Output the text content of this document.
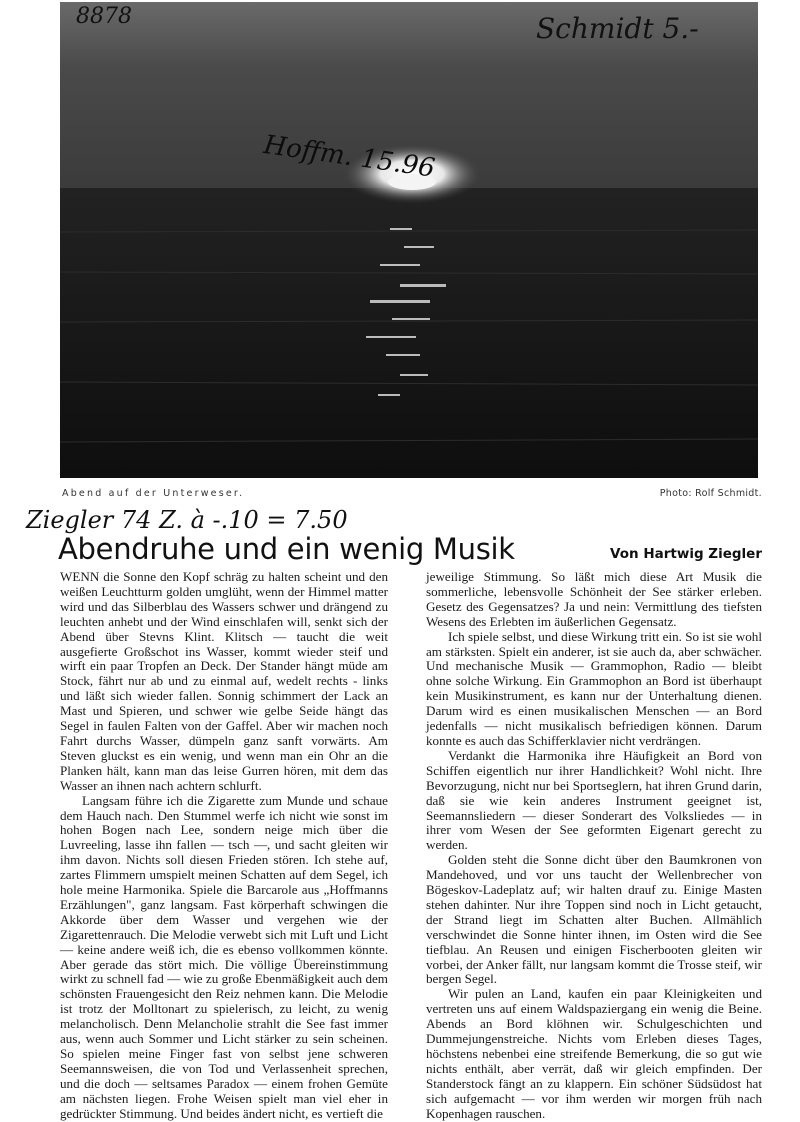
8878	Schmidt 5.-
Hoffm. 15.96
Ziegler 74 Z. à -.10 = 7.50
Abend auf der Unterweser.	Photo: Rolf Schmidt.
Abendruhe und ein wenig Musik	Von Hartwig Ziegler

WENN die Sonne den Kopf schräg zu halten scheint und den weißen Leuchtturm golden umglüht, wenn der Himmel matter wird und das Silberblau des Wassers schwer und drängend zu leuchten anhebt und der Wind einschlafen will, senkt sich der Abend über Stevns Klint. Klitsch — taucht die weit ausgefierte Großschot ins Wasser, kommt wieder steif und wirft ein paar Tropfen an Deck. Der Stander hängt müde am Stock, fährt nur ab und zu einmal auf, wedelt rechts - links und läßt sich wieder fallen. Sonnig schimmert der Lack an Mast und Spieren, und schwer wie gelbe Seide hängt das Segel in faulen Falten von der Gaffel. Aber wir machen noch Fahrt durchs Wasser, dümpeln ganz sanft vorwärts. Am Steven gluckst es ein wenig, und wenn man ein Ohr an die Planken hält, kann man das leise Gurren hören, mit dem das Wasser an ihnen nach achtern schlurft.

Langsam führe ich die Zigarette zum Munde und schaue dem Hauch nach. Den Stummel werfe ich nicht wie sonst im hohen Bogen nach Lee, sondern neige mich über die Luvreeling, lasse ihn fallen — tsch —, und sacht gleiten wir ihm davon. Nichts soll diesen Frieden stören. Ich stehe auf, zartes Flimmern umspielt meinen Schatten auf dem Segel, ich hole meine Harmonika. Spiele die Barcarole aus „Hoffmanns Erzählungen", ganz langsam. Fast körperhaft schwingen die Akkorde über dem Wasser und vergehen wie der Zigarettenrauch. Die Melodie verwebt sich mit Luft und Licht — keine andere weiß ich, die es ebenso vollkommen könnte. Aber gerade das stört mich. Die völlige Übereinstimmung wirkt zu schnell fad — wie zu große Ebenmäßigkeit auch dem schönsten Frauengesicht den Reiz nehmen kann. Die Melodie ist trotz der Molltonart zu spielerisch, zu leicht, zu wenig melancholisch. Denn Melancholie strahlt die See fast immer aus, wenn auch Sommer und Licht stärker zu sein scheinen. So spielen meine Finger fast von selbst jene schweren Seemannsweisen, die von Tod und Verlassenheit sprechen, und die doch — seltsames Paradox — einem frohen Gemüte am nächsten liegen. Frohe Weisen spielt man viel eher in gedrückter Stimmung. Und beides ändert nicht, es vertieft die

jeweilige Stimmung. So läßt mich diese Art Musik die sommerliche, lebensvolle Schönheit der See stärker erleben. Gesetz des Gegensatzes? Ja und nein: Vermittlung des tiefsten Wesens des Erlebten im äußerlichen Gegensatz.

Ich spiele selbst, und diese Wirkung tritt ein. So ist sie wohl am stärksten. Spielt ein anderer, ist sie auch da, aber schwächer. Und mechanische Musik — Grammophon, Radio — bleibt ohne solche Wirkung. Ein Grammophon an Bord ist überhaupt kein Musikinstrument, es kann nur der Unterhaltung dienen. Darum wird es einen musikalischen Menschen — an Bord jedenfalls — nicht musikalisch befriedigen können. Darum konnte es auch das Schifferklavier nicht verdrängen.

Verdankt die Harmonika ihre Häufigkeit an Bord von Schiffen eigentlich nur ihrer Handlichkeit? Wohl nicht. Ihre Bevorzugung, nicht nur bei Sportseglern, hat ihren Grund darin, daß sie wie kein anderes Instrument geeignet ist, Seemannsliedern — dieser Sonderart des Volksliedes — in ihrer vom Wesen der See geformten Eigenart gerecht zu werden.

Golden steht die Sonne dicht über den Baumkronen von Mandehoved, und vor uns taucht der Wellenbrecher von Bögeskov-Ladeplatz auf; wir halten drauf zu. Einige Masten stehen dahinter. Nur ihre Toppen sind noch in Licht getaucht, der Strand liegt im Schatten alter Buchen. Allmählich verschwindet die Sonne hinter ihnen, im Osten wird die See tiefblau. An Reusen und einigen Fischerbooten gleiten wir vorbei, der Anker fällt, nur langsam kommt die Trosse steif, wir bergen Segel.

Wir pulen an Land, kaufen ein paar Kleinigkeiten und vertreten uns auf einem Waldspaziergang ein wenig die Beine. Abends an Bord klöhnen wir. Schulgeschichten und Dummejungenstreiche. Nichts vom Erleben dieses Tages, höchstens nebenbei eine streifende Bemerkung, die so gut wie nichts enthält, aber verrät, daß wir gleich empfinden. Der Standerstock fängt an zu klappern. Ein schöner Südsüdost hat sich aufgemacht — vor ihm werden wir morgen früh nach Kopenhagen rauschen.
